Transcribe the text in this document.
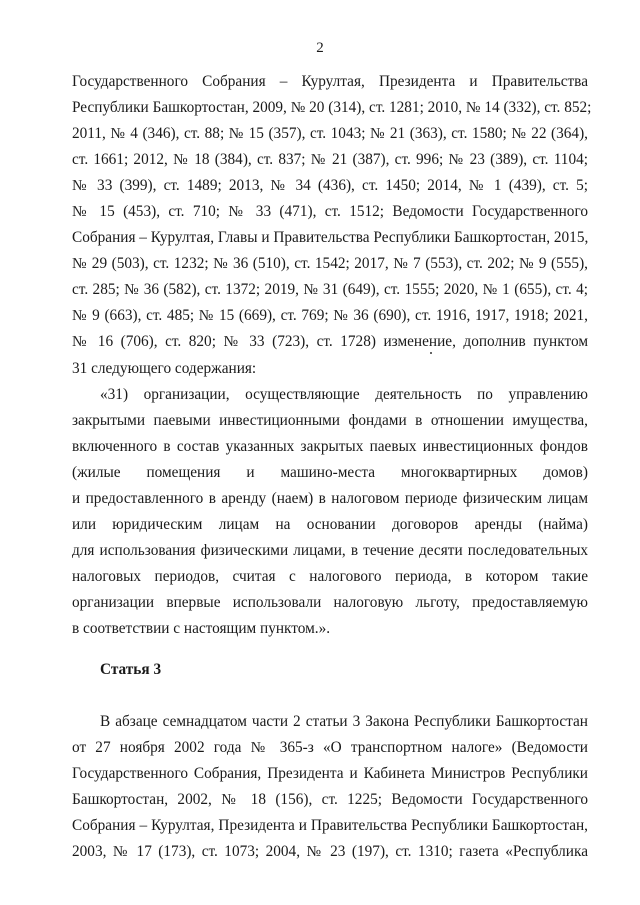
2
Государственного Собрания – Курултая, Президента и Правительства
Республики Башкортостан, 2009, № 20 (314), ст. 1281; 2010, № 14 (332), ст. 852;
2011, № 4 (346), ст. 88; № 15 (357), ст. 1043; № 21 (363), ст. 1580; № 22 (364),
ст. 1661; 2012, № 18 (384), ст. 837; № 21 (387), ст. 996; № 23 (389), ст. 1104;
№ 33 (399), ст. 1489; 2013, № 34 (436), ст. 1450; 2014, № 1 (439), ст. 5;
№ 15 (453), ст. 710; № 33 (471), ст. 1512; Ведомости Государственного
Собрания – Курултая, Главы и Правительства Республики Башкортостан, 2015,
№ 29 (503), ст. 1232; № 36 (510), ст. 1542; 2017, № 7 (553), ст. 202; № 9 (555),
ст. 285; № 36 (582), ст. 1372; 2019, № 31 (649), ст. 1555; 2020, № 1 (655), ст. 4;
№ 9 (663), ст. 485; № 15 (669), ст. 769; № 36 (690), ст. 1916, 1917, 1918; 2021,
№ 16 (706), ст. 820; № 33 (723), ст. 1728) изменение, дополнив пунктом
31 следующего содержания:
«31) организации, осуществляющие деятельность по управлению
закрытыми паевыми инвестиционными фондами в отношении имущества,
включенного в состав указанных закрытых паевых инвестиционных фондов
(жилые помещения и машино-места многоквартирных домов)
и предоставленного в аренду (наем) в налоговом периоде физическим лицам
или юридическим лицам на основании договоров аренды (найма)
для использования физическими лицами, в течение десяти последовательных
налоговых периодов, считая с налогового периода, в котором такие
организации впервые использовали налоговую льготу, предоставляемую
в соответствии с настоящим пунктом.».
Статья 3
В абзаце семнадцатом части 2 статьи 3 Закона Республики Башкортостан
от 27 ноября 2002 года № 365-з «О транспортном налоге» (Ведомости
Государственного Собрания, Президента и Кабинета Министров Республики
Башкортостан, 2002, № 18 (156), ст. 1225; Ведомости Государственного
Собрания – Курултая, Президента и Правительства Республики Башкортостан,
2003, № 17 (173), ст. 1073; 2004, № 23 (197), ст. 1310; газета «Республика
